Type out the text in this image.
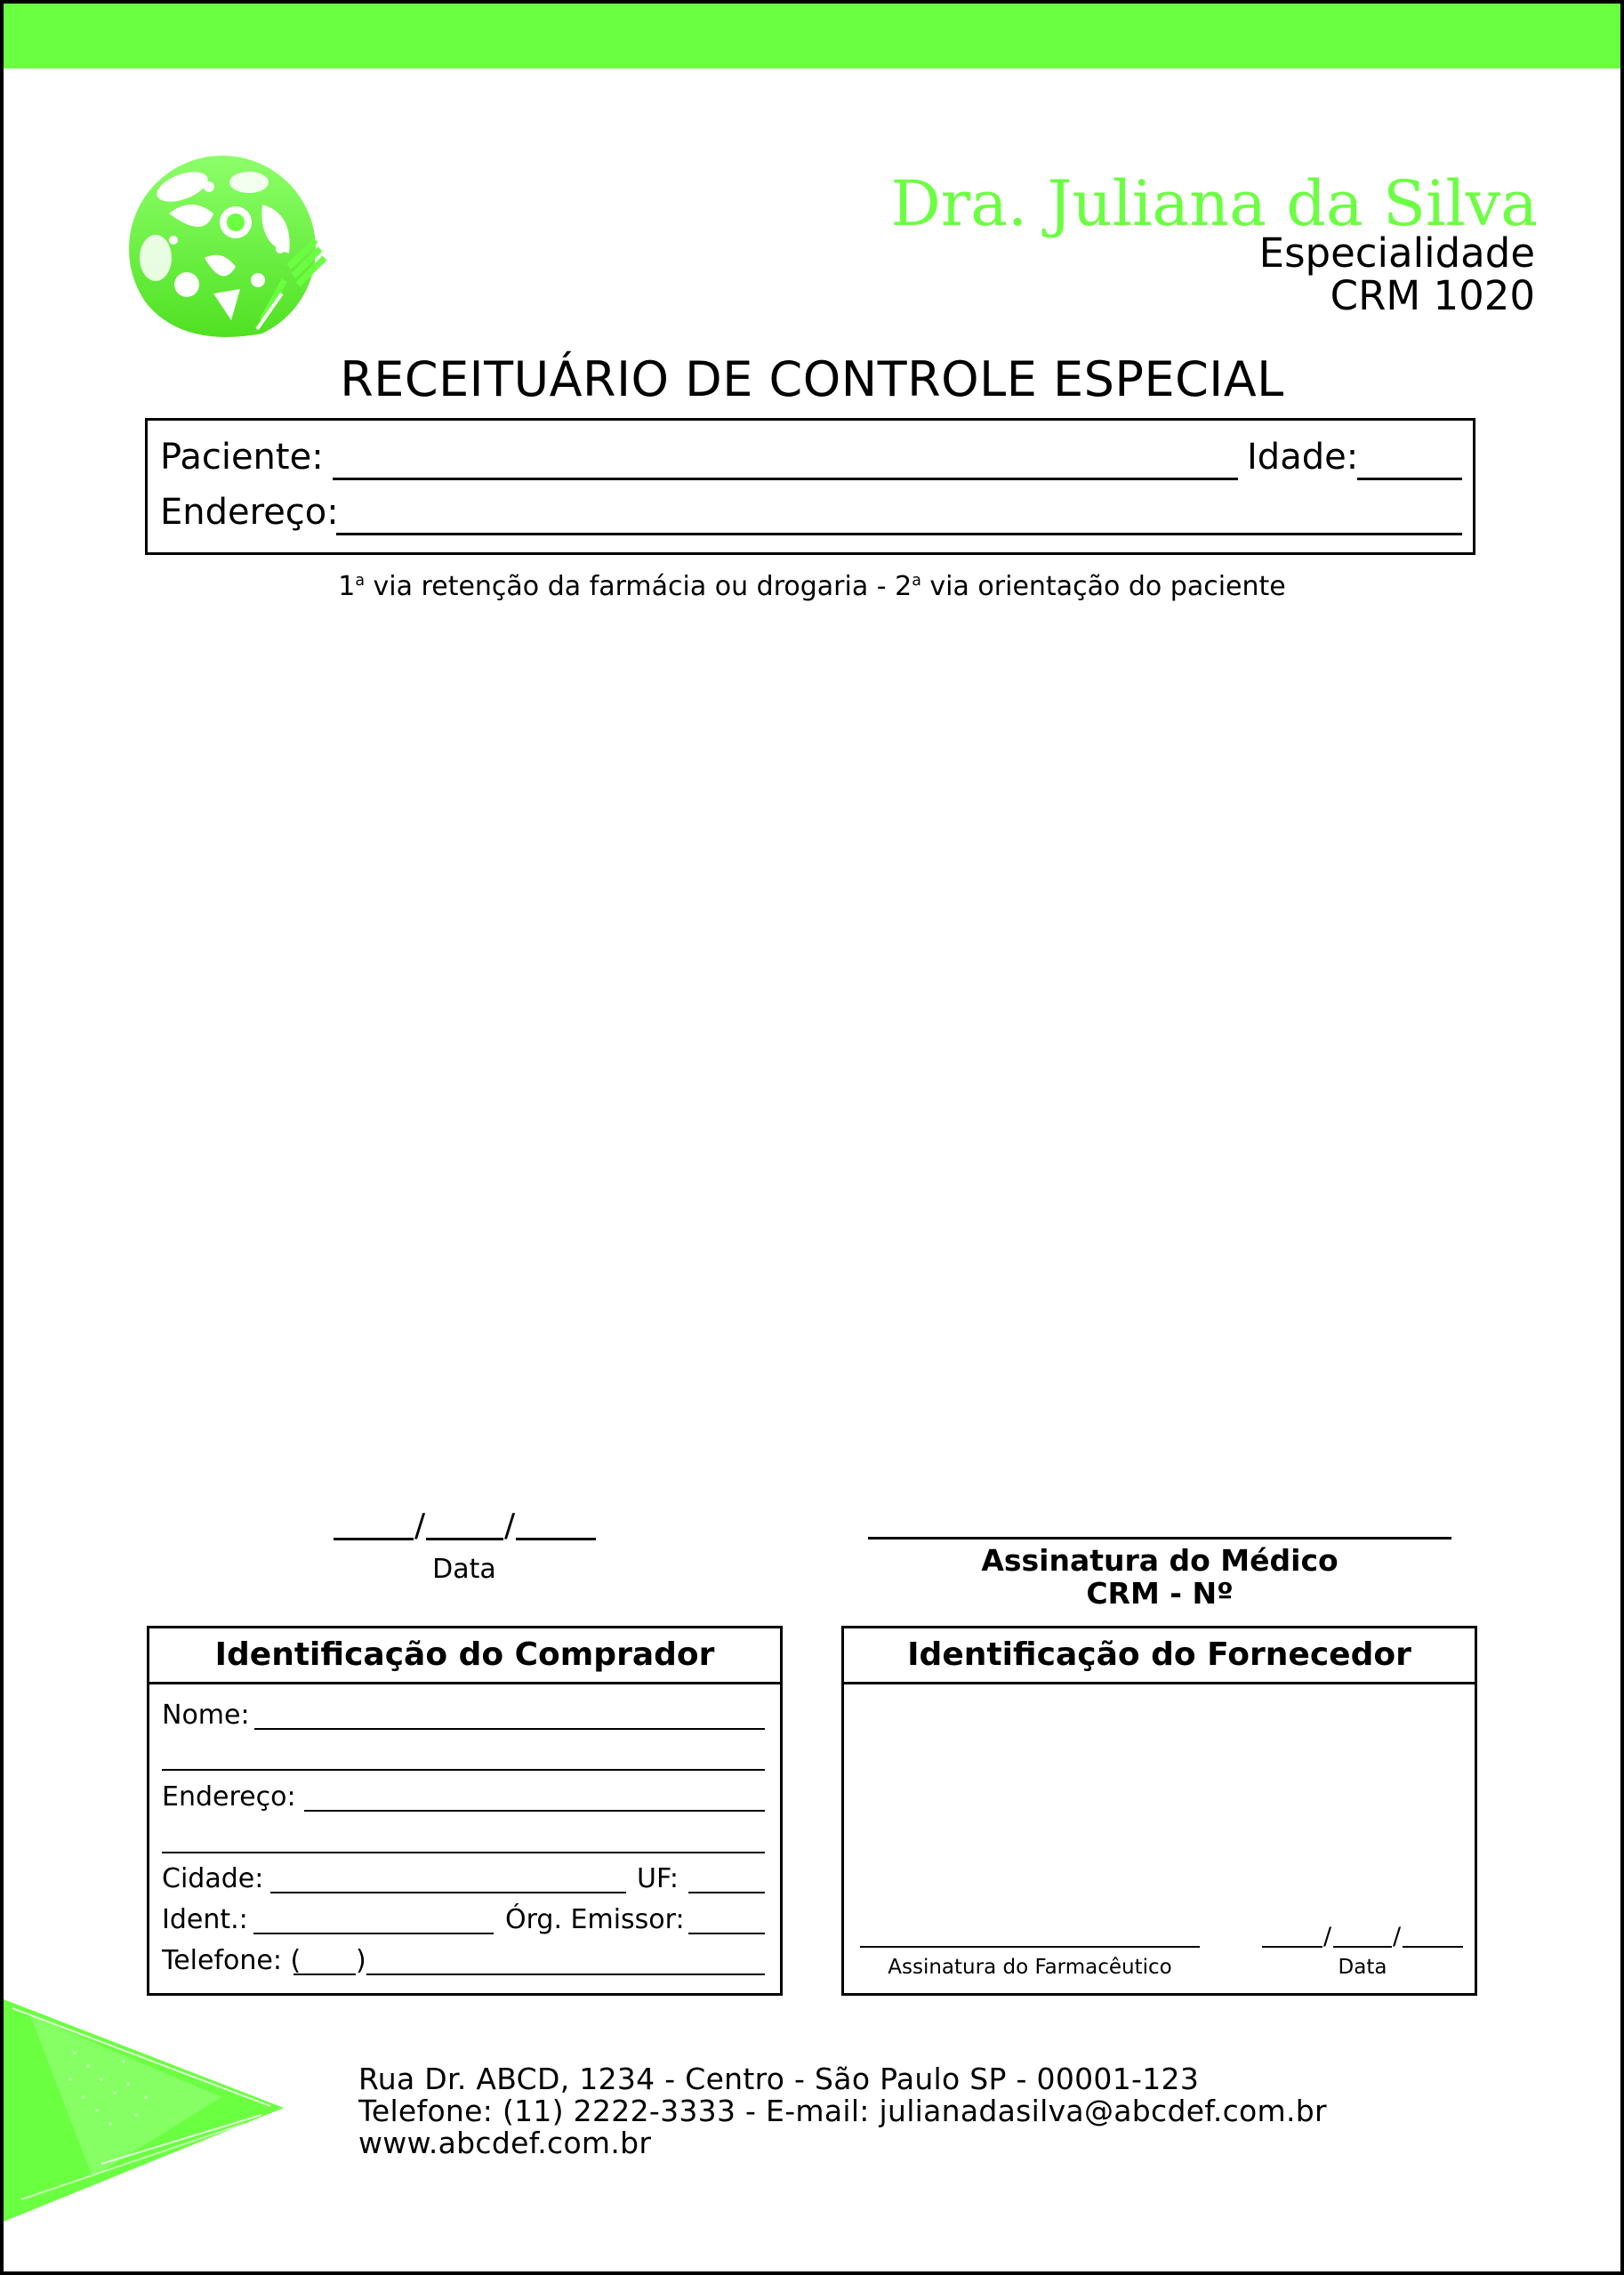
Dra. Juliana da Silva
Especialidade
CRM 1020
RECEITUÁRIO DE CONTROLE ESPECIAL
Paciente:	Idade:
Endereço:
1$^a$ via retenção da farmácia ou drogaria - 2$^a$ via orientação do paciente
/ /
Data	Assinatura do Médico
CRM - Nº
Identificação do Comprador
Nome:
Endereço:
Cidade:	UF:
Ident.:	Órg. Emissor:
Telefone: ( )
Identificação do Fornecedor
Assinatura do Farmacêutico
/	/
Data
Rua Dr. ABCD, 1234 - Centro - São Paulo SP - 00001-123
Telefone: (11) 2222-3333 - E-mail: julianadasilva@abcdef.com.br
www.abcdef.com.br
